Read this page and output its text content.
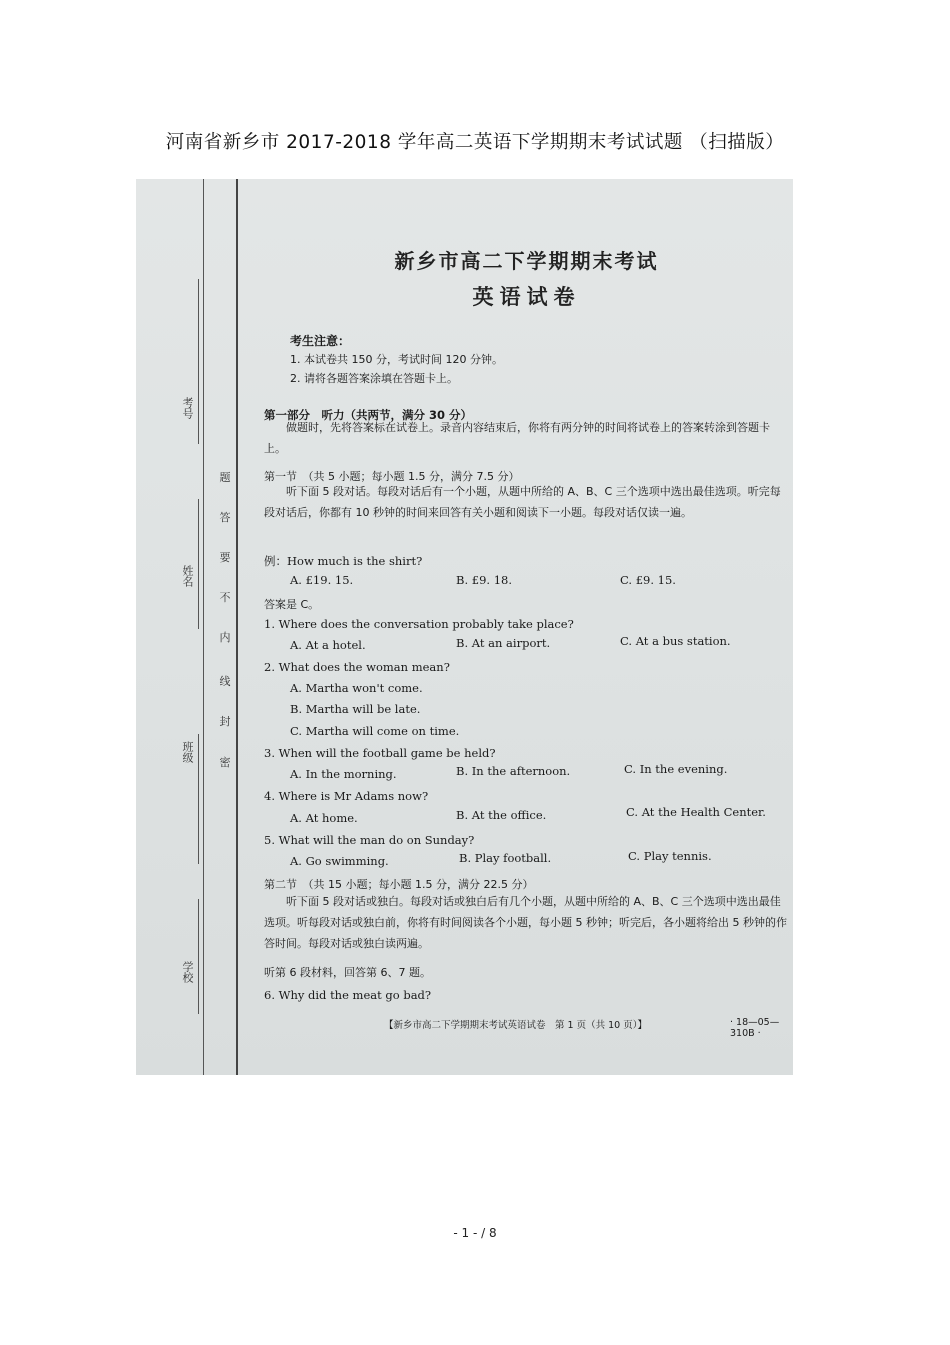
河南省新乡市 2017-2018 学年高二英语下学期期末考试试题 （扫描版）
考号
姓名
班级
学校
题
答
要
不
内
线
封
密
新乡市高二下学期期末考试
英语试卷
考生注意：
1. 本试卷共 150 分，考试时间 120 分钟。
2. 请将各题答案涂填在答题卡上。
第一部分　听力（共两节，满分 30 分）
做题时，先将答案标在试卷上。录音内容结束后，你将有两分钟的时间将试卷上的答案转涂到答题卡上。
第一节　（共 5 小题；每小题 1.5 分，满分 7.5 分）
听下面 5 段对话。每段对话后有一个小题，从题中所给的 A、B、C 三个选项中选出最佳选项。听完每段对话后，你都有 10 秒钟的时间来回答有关小题和阅读下一小题。每段对话仅读一遍。
例：How much is the shirt?
A. £19. 15.	B. £9. 18.	C. £9. 15.
答案是 C。
1. Where does the conversation probably take place?
A. At a hotel.	B. At an airport.	C. At a bus station.
2. What does the woman mean?
A. Martha won't come.
B. Martha will be late.
C. Martha will come on time.
3. When will the football game be held?
A. In the morning.	B. In the afternoon.	C. In the evening.
4. Where is Mr Adams now?
A. At home.	B. At the office.	C. At the Health Center.
5. What will the man do on Sunday?
A. Go swimming.	B. Play football.	C. Play tennis.
第二节　（共 15 小题；每小题 1.5 分，满分 22.5 分）
听下面 5 段对话或独白。每段对话或独白后有几个小题，从题中所给的 A、B、C 三个选项中选出最佳选项。听每段对话或独白前，你将有时间阅读各个小题，每小题 5 秒钟；听完后，各小题将给出 5 秒钟的作答时间。每段对话或独白读两遍。
听第 6 段材料，回答第 6、7 题。
6. Why did the meat go bad?
【新乡市高二下学期期末考试英语试卷　第 1 页（共 10 页）】	· 18—05—310B ·
- 1 - / 8
